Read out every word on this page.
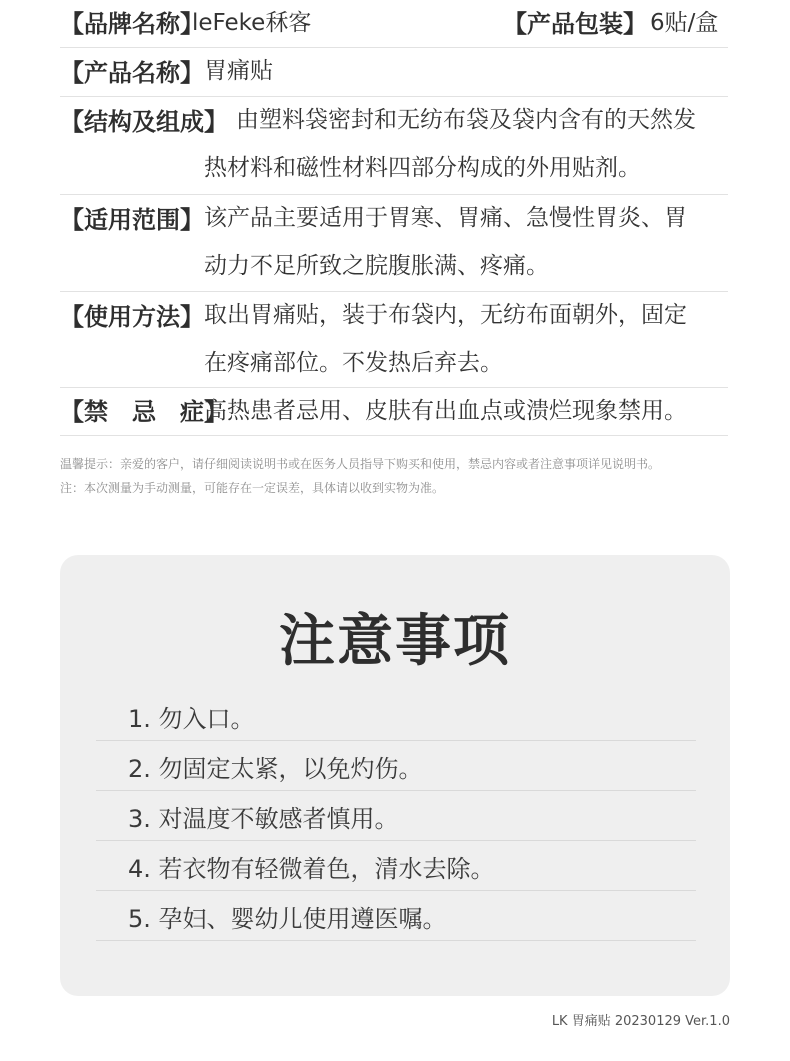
【品牌名称】
leFeke秝客	【产品包装】 6贴/盒
【产品名称】 胃痛贴
【结构及组成】 由塑料袋密封和无纺布袋及袋内含有的天然发
热材料和磁性材料四部分构成的外用贴剂。
【适用范围】 该产品主要适用于胃寒、胃痛、急慢性胃炎、胃
动力不足所致之脘腹胀满、疼痛。
【使用方法】 取出胃痛贴，装于布袋内，无纺布面朝外，固定
在疼痛部位。不发热后弃去。
【禁　忌　症】
高热患者忌用、皮肤有出血点或溃烂现象禁用。
温馨提示：亲爱的客户，请仔细阅读说明书或在医务人员指导下购买和使用，禁忌内容或者注意事项详见说明书。
注：本次测量为手动测量，可能存在一定误差，具体请以收到实物为准。
注意事项
1. 勿入口。
2. 勿固定太紧，以免灼伤。
3. 对温度不敏感者慎用。
4. 若衣物有轻微着色，清水去除。
5. 孕妇、婴幼儿使用遵医嘱。
LK 胃痛贴 20230129 Ver.1.0
